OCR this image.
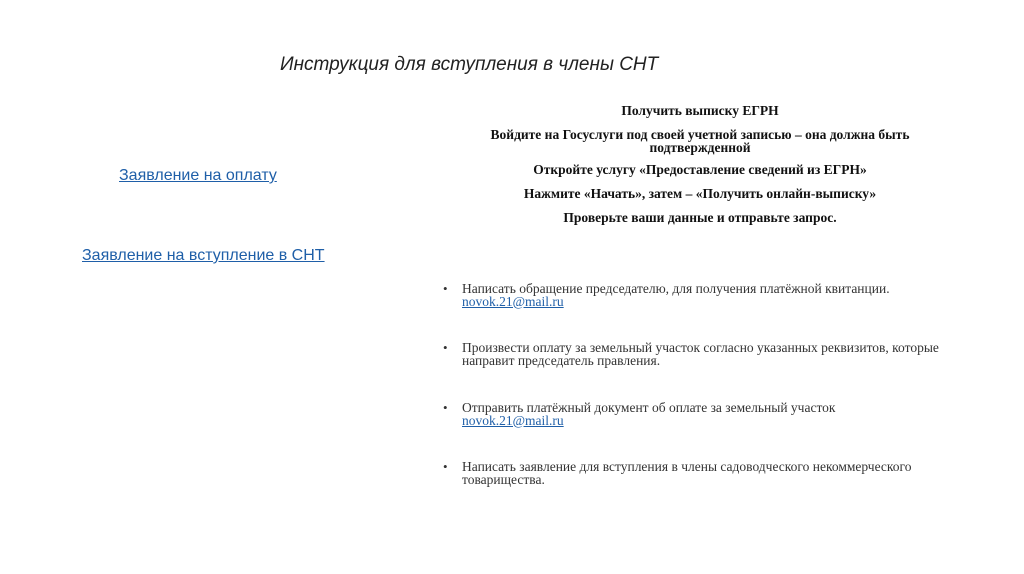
Инструкция для вступления в члены СНТ
Заявление на оплату
Заявление на вступление в СНТ

Получить выписку ЕГРН

Войдите на Госуслуги под своей учетной записью – она должна быть подтвержденной

Откройте услугу «Предоставление сведений из ЕГРН»

Нажмите «Начать», затем – «Получить онлайн-выписку»

Проверьте ваши данные и отправьте запрос.

• Написать обращение председателю, для получения платёжной квитанции.
novok.21@mail.ru
• Произвести оплату за земельный участок согласно указанных реквизитов, которые направит председатель правления.
• Отправить платёжный документ об оплате за земельный участок
novok.21@mail.ru
• Написать заявление для вступления в члены садоводческого некоммерческого товарищества.
